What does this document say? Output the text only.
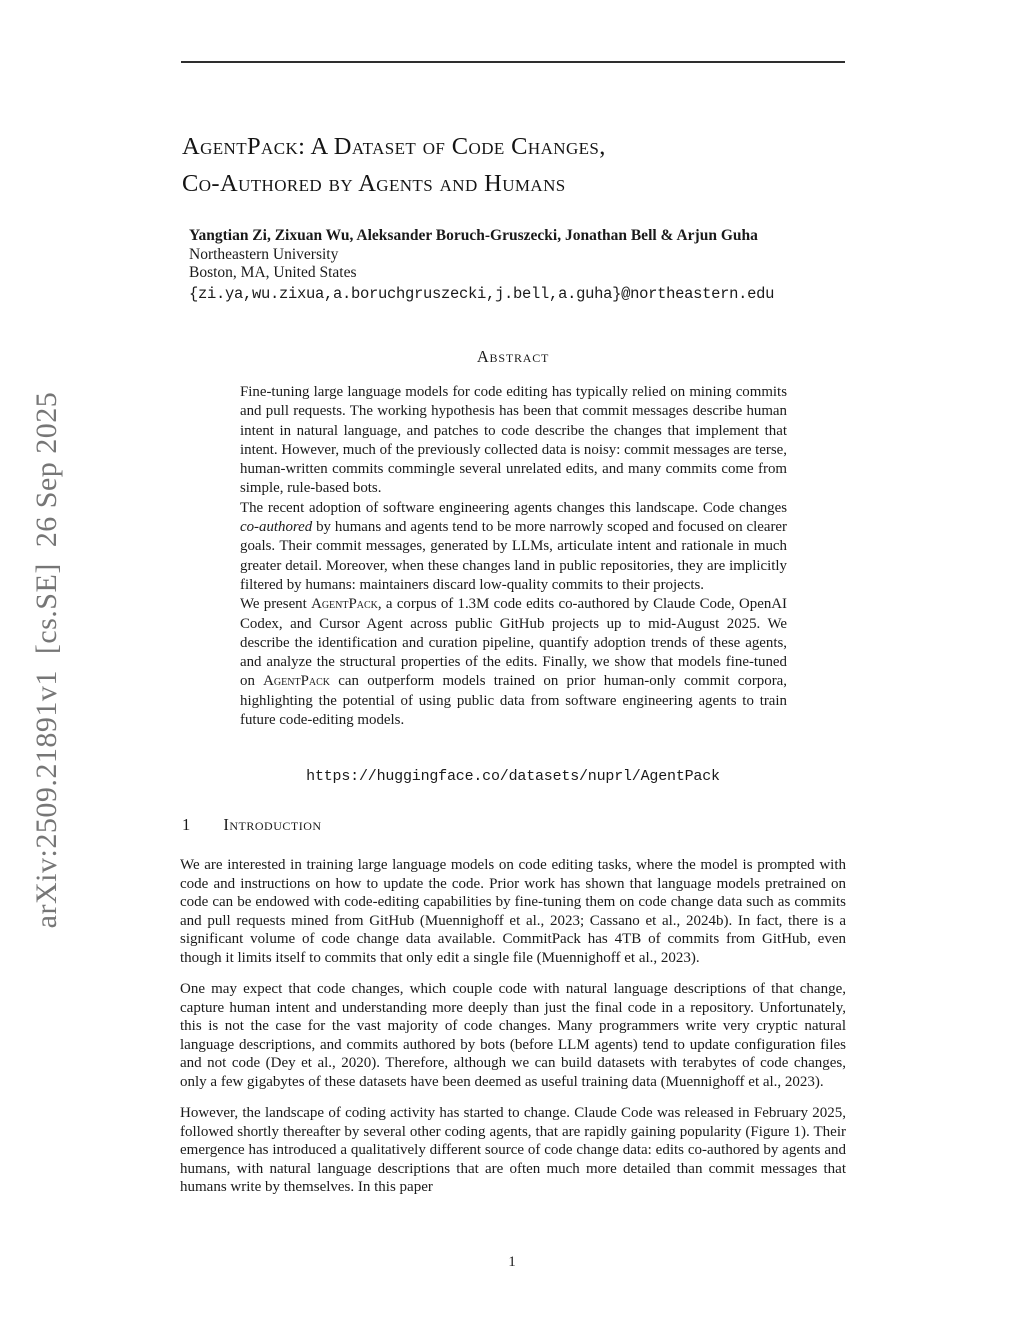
arXiv:2509.21891v1  [cs.SE]  26 Sep 2025
AgentPack: A Dataset of Code Changes,
Co-Authored by Agents and Humans
Yangtian Zi, Zixuan Wu, Aleksander Boruch-Gruszecki, Jonathan Bell & Arjun Guha
Northeastern University
Boston, MA, United States
{zi.ya,wu.zixua,a.boruchgruszecki,j.bell,a.guha}@northeastern.edu
Abstract

Fine-tuning large language models for code editing has typically relied on mining commits and pull requests. The working hypothesis has been that commit messages describe human intent in natural language, and patches to code describe the changes that implement that intent. However, much of the previously collected data is noisy: commit messages are terse, human-written commits commingle several unrelated edits, and many commits come from simple, rule-based bots.

The recent adoption of software engineering agents changes this landscape. Code changes co-authored by humans and agents tend to be more narrowly scoped and focused on clearer goals. Their commit messages, generated by LLMs, articulate intent and rationale in much greater detail. Moreover, when these changes land in public repositories, they are implicitly filtered by humans: maintainers discard low-quality commits to their projects.

We present AgentPack, a corpus of 1.3M code edits co-authored by Claude Code, OpenAI Codex, and Cursor Agent across public GitHub projects up to mid-August 2025. We describe the identification and curation pipeline, quantify adoption trends of these agents, and analyze the structural properties of the edits. Finally, we show that models fine-tuned on AgentPack can outperform models trained on prior human-only commit corpora, highlighting the potential of using public data from software engineering agents to train future code-editing models.

https://huggingface.co/datasets/nuprl/AgentPack
1 Introduction

We are interested in training large language models on code editing tasks, where the model is prompted with code and instructions on how to update the code. Prior work has shown that language models pretrained on code can be endowed with code-editing capabilities by fine-tuning them on code change data such as commits and pull requests mined from GitHub (Muennighoff et al., 2023; Cassano et al., 2024b). In fact, there is a significant volume of code change data available. CommitPack has 4TB of commits from GitHub, even though it limits itself to commits that only edit a single file (Muennighoff et al., 2023).

One may expect that code changes, which couple code with natural language descriptions of that change, capture human intent and understanding more deeply than just the final code in a repository. Unfortunately, this is not the case for the vast majority of code changes. Many programmers write very cryptic natural language descriptions, and commits authored by bots (before LLM agents) tend to update configuration files and not code (Dey et al., 2020). Therefore, although we can build datasets with terabytes of code changes, only a few gigabytes of these datasets have been deemed as useful training data (Muennighoff et al., 2023).

However, the landscape of coding activity has started to change. Claude Code was released in February 2025, followed shortly thereafter by several other coding agents, that are rapidly gaining popularity (Figure 1). Their emergence has introduced a qualitatively different source of code change data: edits co-authored by agents and humans, with natural language descriptions that are often much more detailed than commit messages that humans write by themselves. In this paper

1
